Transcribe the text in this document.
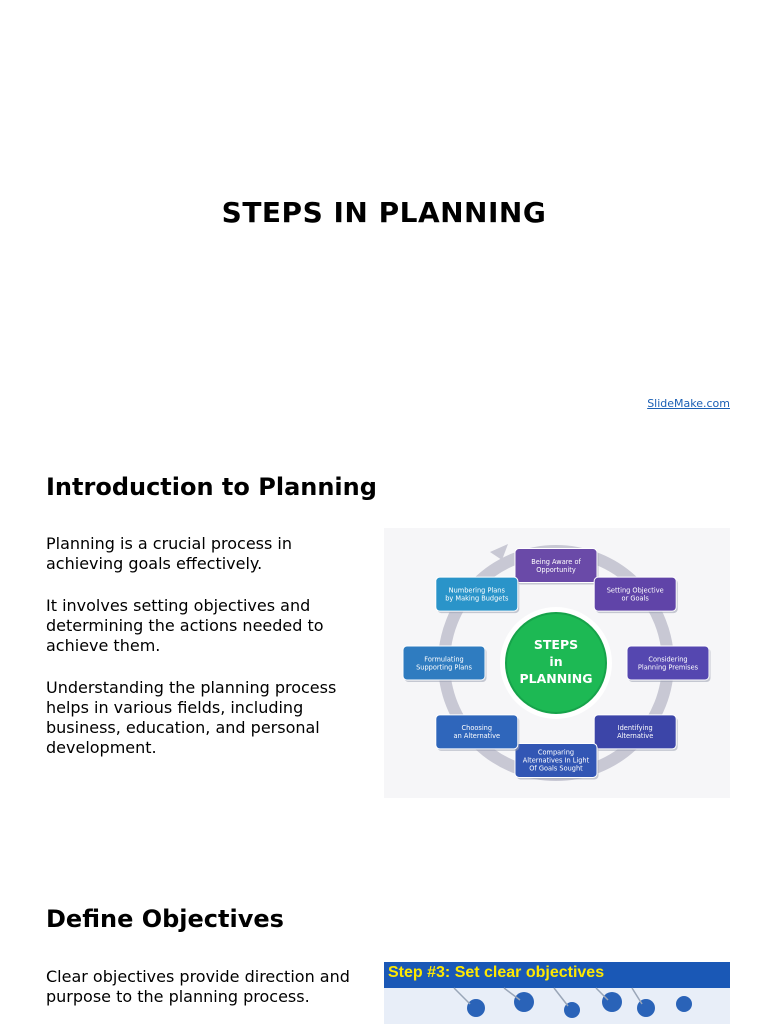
STEPS IN PLANNING
SlideMake.com
Introduction to Planning

Planning is a crucial process in achieving goals effectively.

It involves setting objectives and determining the actions needed to achieve them.

Understanding the planning process helps in various fields, including business, education, and personal development.

STEPS
in
PLANNING
Being Aware of
Opportunity
Setting Objective
or Goals
Considering
Planning Premises
Identifying
Alternative
Comparing
Alternatives In Light
Of Goals Sought
Choosing
an Alternative
Formulating
Supporting Plans
Numbering Plans
by Making Budgets
Define Objectives

Clear objectives provide direction and purpose to the planning process.

Step #3: Set clear objectives
